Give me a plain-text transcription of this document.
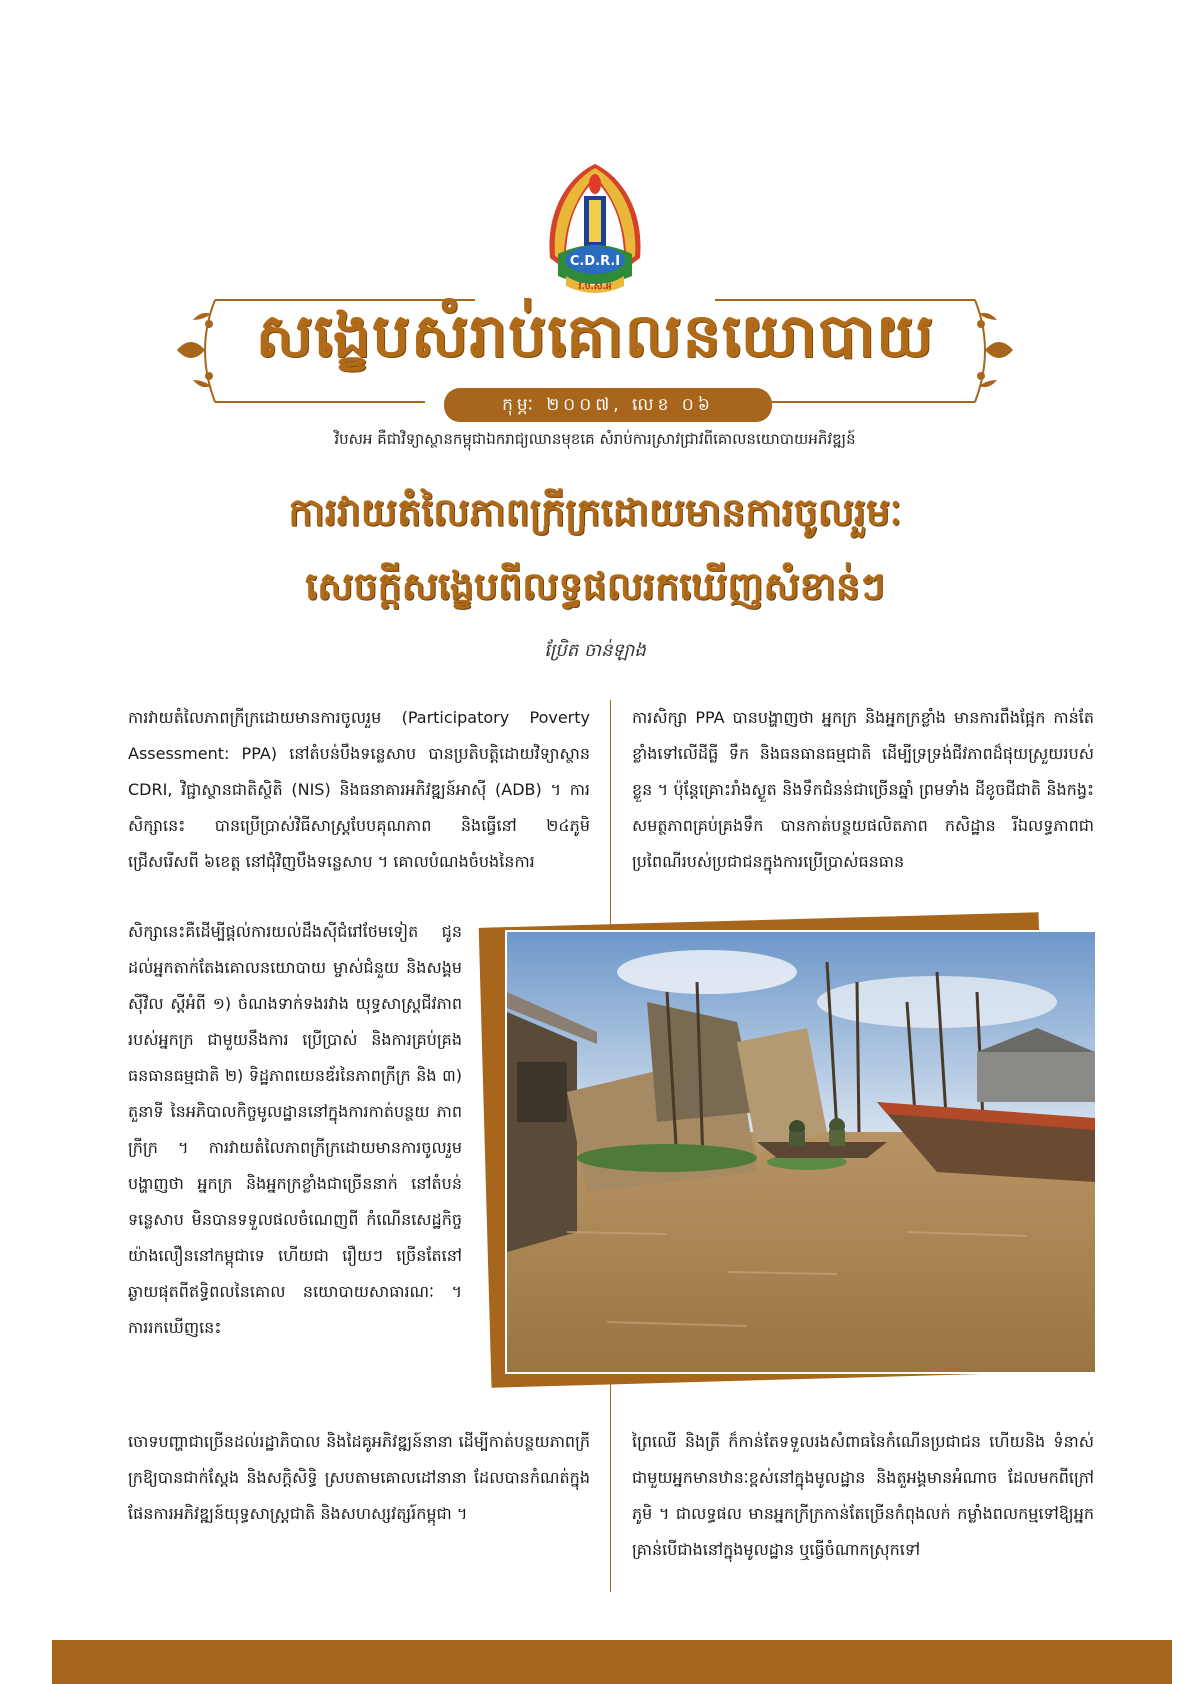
C.D.R.I
វ.ប.ស.អ
សង្ខេបសំរាប់គោលនយោបាយ
កុម្ភៈ ២០០៧, លេខ ០៦
វិបសអ គឺជាវិទ្យាស្ថានកម្ពុជាឯករាជ្យឈានមុខគេ សំរាប់ការស្រាវជ្រាវពីគោលនយោបាយអភិវឌ្ឍន៍
ការវាយតំលៃភាពក្រីក្រដោយមានការចូលរួមៈ
សេចក្តីសង្ខេបពីលទ្ធផលរកឃើញសំខាន់ៗ
ប្រែិត ចាន់ឡាង
ការវាយតំលៃភាពក្រីក្រដោយមានការចូលរួម (Participatory Poverty Assessment: PPA) នៅតំបន់បឹងទន្លេសាប បានប្រតិបត្តិដោយវិទ្យាស្ថាន CDRI, វិជ្ជាស្ថានជាតិស្ថិតិ (NIS) និងធនាគារអភិវឌ្ឍន៍អាស៊ី (ADB) ។ ការសិក្សានេះ បានប្រើប្រាស់វិធីសាស្ត្របែបគុណភាព និងធ្វើនៅ ២៤ភូមិ ជ្រើសរើសពី ៦ខេត្ត នៅជុំវិញបឹងទន្លេសាប ។ គោលបំណងចំបងនៃការ
សិក្សានេះគឺដើម្បីផ្តល់ការយល់ដឹងស៊ីជំរៅថែមទៀត ជូនដល់អ្នកតាក់តែងគោលនយោបាយ ម្ចាស់ជំនួយ និងសង្គមស៊ីវិល ស្តីអំពី ១) ចំណងទាក់ទងរវាង យុទ្ធសាស្ត្រជីវភាពរបស់អ្នកក្រ ជាមួយនឹងការ ប្រើប្រាស់ និងការគ្រប់គ្រងធនធានធម្មជាតិ ២) ទិដ្ឋភាពយេនឌ័រនៃភាពក្រីក្រ និង ៣) តួនាទី នៃអភិបាលកិច្ចមូលដ្ឋាននៅក្នុងការកាត់បន្ថយ ភាពក្រីក្រ ។ ការវាយតំលៃភាពក្រីក្រដោយមានការចូលរួម បង្ហាញថា អ្នកក្រ និងអ្នកក្រខ្លាំងជាច្រើននាក់ នៅតំបន់ទន្លេសាប មិនបានទទួលផលចំណេញពី កំណើនសេដ្ឋកិច្ចយ៉ាងលឿននៅកម្ពុជាទេ ហើយជា រឿយៗ ច្រើនតែនៅឆ្ងាយផុតពីឥទ្ធិពលនៃគោល នយោបាយសាធារណៈ ។ ការរកឃើញនេះ
ចោទបញ្ហាជាច្រើនដល់រដ្ឋាភិបាល និងដៃគូអភិវឌ្ឍន៍នានា ដើម្បីកាត់បន្ថយភាពក្រីក្រឱ្យបានជាក់ស្តែង និងសក្តិសិទ្ធិ ស្របតាមគោលដៅនានា ដែលបានកំណត់ក្នុងផែនការអភិវឌ្ឍន៍យុទ្ធសាស្ត្រជាតិ និងសហស្សវត្សរ៍កម្ពុជា ។
ការសិក្សា PPA បានបង្ហាញថា អ្នកក្រ និងអ្នកក្រខ្លាំង មានការពឹងផ្អែក កាន់តែខ្លាំងទៅលើដីធ្លី ទឹក និងធនធានធម្មជាតិ ដើម្បីទ្រទ្រង់ជីវភាពដ៏ផុយស្រួយរបស់ខ្លួន ។ ប៉ុន្តែគ្រោះរាំងស្ងួត និងទឹកជំនន់ជាច្រើនឆ្នាំ ព្រមទាំង ដីខូចជីជាតិ និងកង្វះសមត្ថភាពគ្រប់គ្រងទឹក បានកាត់បន្ថយផលិតភាព កសិដ្ឋាន រីឯលទ្ធភាពជាប្រពៃណីរបស់ប្រជាជនក្នុងការប្រើប្រាស់ធនធាន
ព្រៃឈើ និងត្រី ក៏កាន់តែទទួលរងសំពាធនៃកំណើនប្រជាជន ហើយនិង ទំនាស់ជាមួយអ្នកមានឋានៈខ្ពស់នៅក្នុងមូលដ្ឋាន និងតួអង្គមានអំណាច ដែលមកពីក្រៅភូមិ ។ ជាលទ្ធផល មានអ្នកក្រីក្រកាន់តែច្រើនកំពុងលក់ កម្លាំងពលកម្មទៅឱ្យអ្នកគ្រាន់បើជាងនៅក្នុងមូលដ្ឋាន ឬធ្វើចំណាកស្រុកទៅ
